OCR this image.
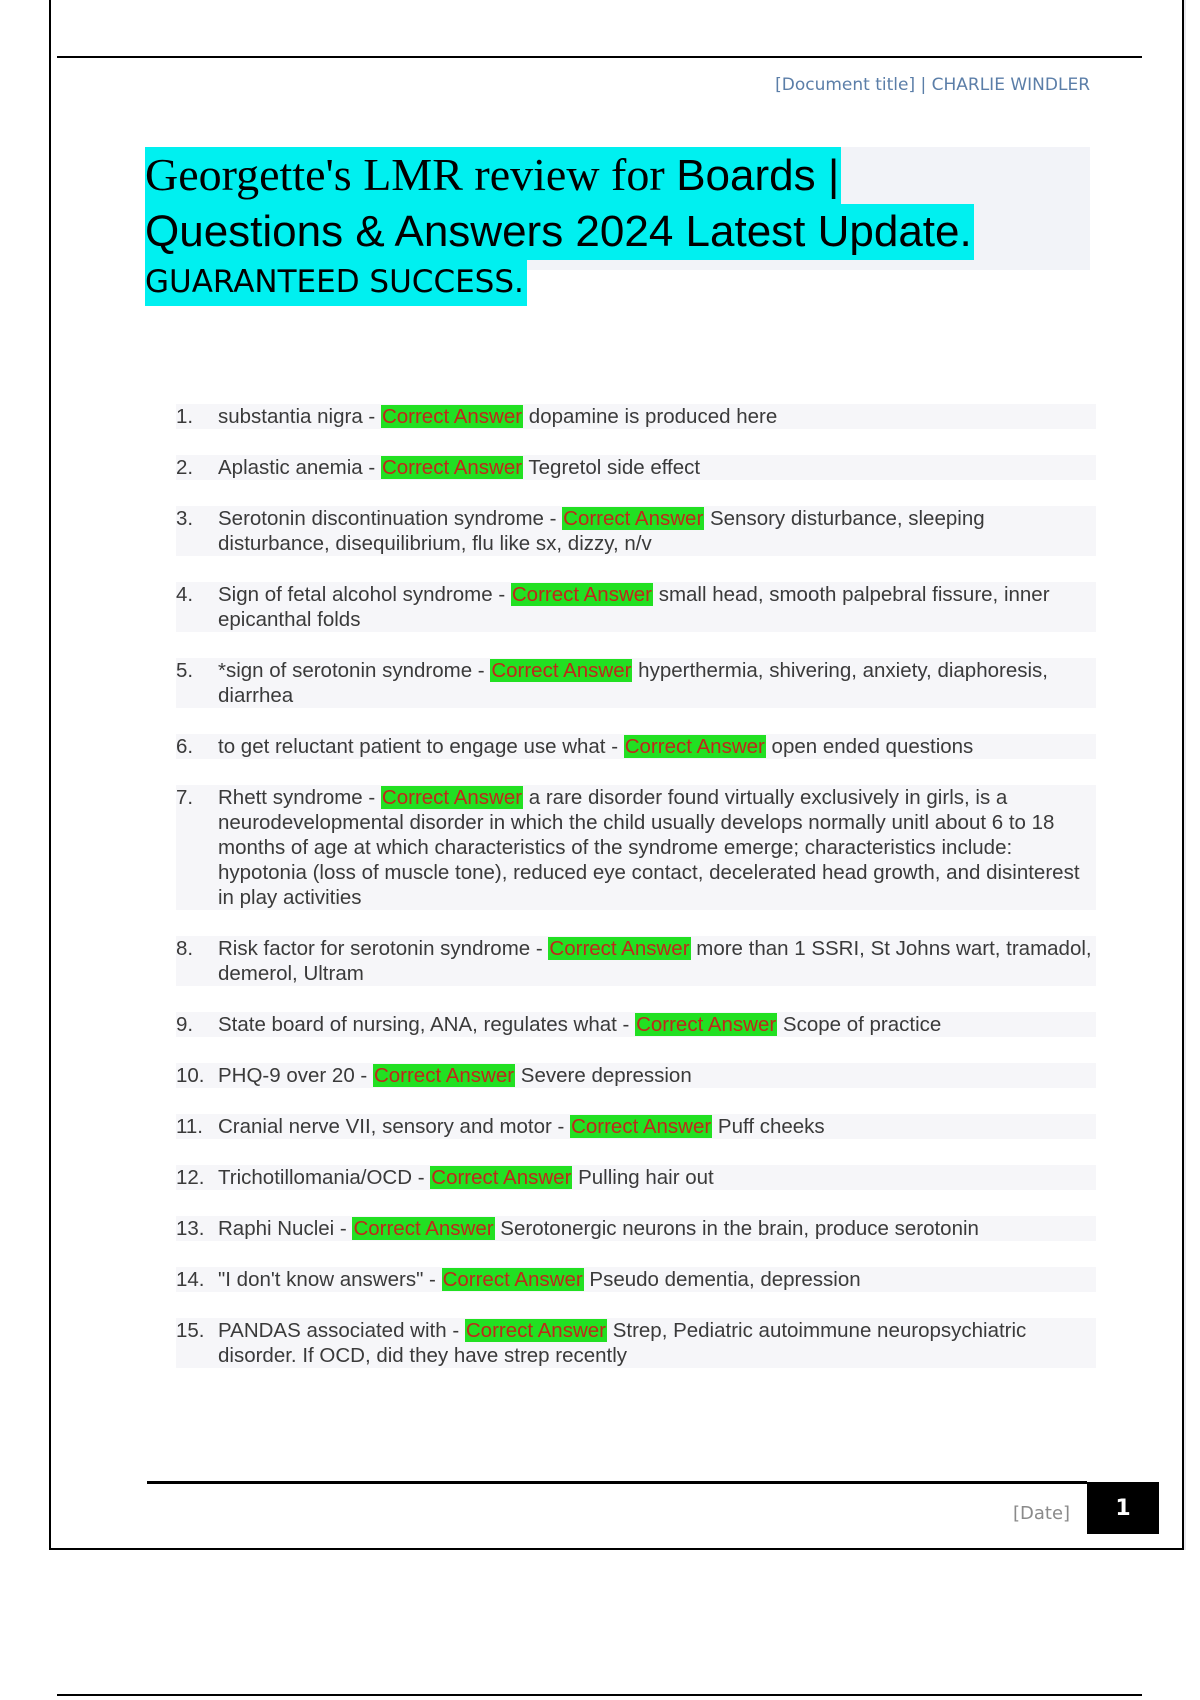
[Document title] | CHARLIE WINDLER
Georgette's LMR review for Boards |
Questions & Answers 2024 Latest Update.
GUARANTEED SUCCESS.
1.	substantia nigra - Correct Answer dopamine is produced here
2.	Aplastic anemia - Correct Answer Tegretol side effect
3.	Serotonin discontinuation syndrome - Correct Answer Sensory disturbance, sleeping disturbance, disequilibrium, flu like sx, dizzy, n/v
4.	Sign of fetal alcohol syndrome - Correct Answer small head, smooth palpebral fissure, inner epicanthal folds
5.	*sign of serotonin syndrome - Correct Answer hyperthermia, shivering, anxiety, diaphoresis, diarrhea
6.	to get reluctant patient to engage use what - Correct Answer open ended questions
7.	Rhett syndrome - Correct Answer a rare disorder found virtually exclusively in girls, is a neurodevelopmental disorder in which the child usually develops normally unitl about 6 to 18 months of age at which characteristics of the syndrome emerge; characteristics include: hypotonia (loss of muscle tone), reduced eye contact, decelerated head growth, and disinterest in play activities
8.	Risk factor for serotonin syndrome - Correct Answer more than 1 SSRI, St Johns wart, tramadol, demerol, Ultram
9.	State board of nursing, ANA, regulates what - Correct Answer Scope of practice
10. PHQ-9 over 20 - Correct Answer Severe depression
11. Cranial nerve VII, sensory and motor - Correct Answer Puff cheeks
12. Trichotillomania/OCD - Correct Answer Pulling hair out
13. Raphi Nuclei - Correct Answer Serotonergic neurons in the brain, produce serotonin
14. "I don't know answers" - Correct Answer Pseudo dementia, depression
15. PANDAS associated with - Correct Answer Strep, Pediatric autoimmune neuropsychiatric disorder. If OCD, did they have strep recently
[Date]	1
